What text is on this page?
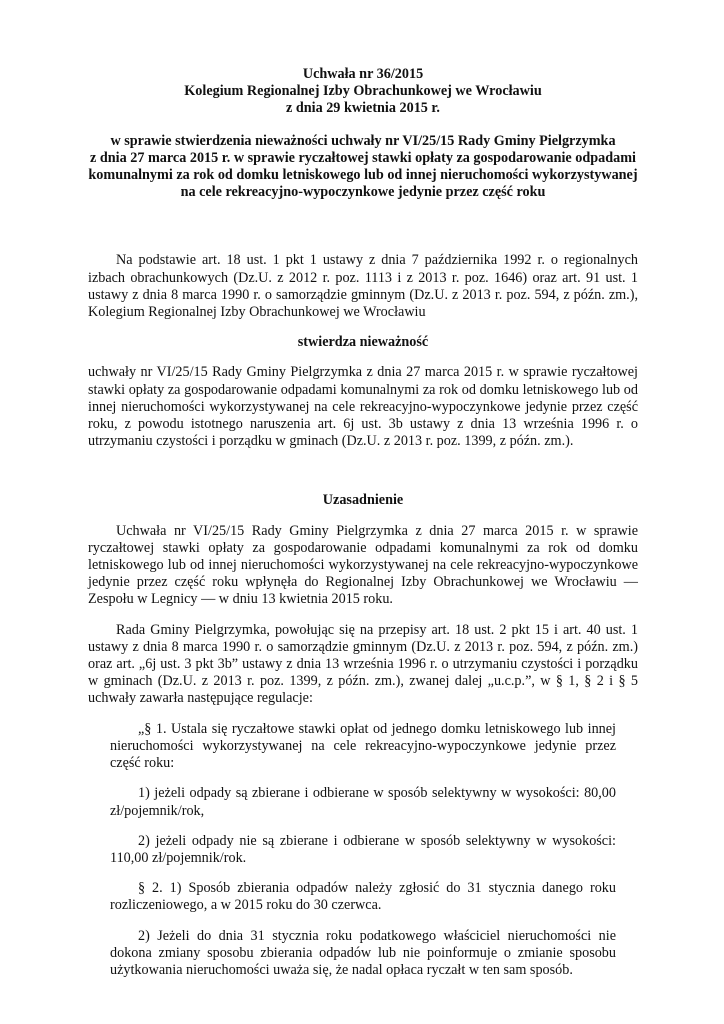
Uchwała nr 36/2015
Kolegium Regionalnej Izby Obrachunkowej we Wrocławiu
z dnia 29 kwietnia 2015 r.
w sprawie stwierdzenia nieważności uchwały nr VI/25/15 Rady Gminy Pielgrzymka
z dnia 27 marca 2015 r. w sprawie ryczałtowej stawki opłaty za gospodarowanie odpadami
komunalnymi za rok od domku letniskowego lub od innej nieruchomości wykorzystywanej
na cele rekreacyjno-wypoczynkowe jedynie przez część roku

Na podstawie art. 18 ust. 1 pkt 1 ustawy z dnia 7 października 1992 r. o regionalnych izbach obrachunkowych (Dz.U. z 2012 r. poz. 1113 i z 2013 r. poz. 1646) oraz art. 91 ust. 1 ustawy z dnia 8 marca 1990 r. o samorządzie gminnym (Dz.U. z 2013 r. poz. 594, z późn. zm.), Kolegium Regionalnej Izby Obrachunkowej we Wrocławiu

stwierdza nieważność

uchwały nr VI/25/15 Rady Gminy Pielgrzymka z dnia 27 marca 2015 r. w sprawie ryczałtowej stawki opłaty za gospodarowanie odpadami komunalnymi za rok od domku letniskowego lub od innej nieruchomości wykorzystywanej na cele rekreacyjno-wypoczynkowe jedynie przez część roku, z powodu istotnego naruszenia art. 6j ust. 3b ustawy z dnia 13 września 1996 r. o utrzymaniu czystości i porządku w gminach (Dz.U. z 2013 r. poz. 1399, z późn. zm.).

Uzasadnienie

Uchwała nr VI/25/15 Rady Gminy Pielgrzymka z dnia 27 marca 2015 r. w sprawie ryczałtowej stawki opłaty za gospodarowanie odpadami komunalnymi za rok od domku letniskowego lub od innej nieruchomości wykorzystywanej na cele rekreacyjno-wypoczynkowe jedynie przez część roku wpłynęła do Regionalnej Izby Obrachunkowej we Wrocławiu — Zespołu w Legnicy — w dniu 13 kwietnia 2015 roku.

Rada Gminy Pielgrzymka, powołując się na przepisy art. 18 ust. 2 pkt 15 i art. 40 ust. 1 ustawy z dnia 8 marca 1990 r. o samorządzie gminnym (Dz.U. z 2013 r. poz. 594, z późn. zm.) oraz art. „6j ust. 3 pkt 3b” ustawy z dnia 13 września 1996 r. o utrzymaniu czystości i porządku w gminach (Dz.U. z 2013 r. poz. 1399, z późn. zm.), zwanej dalej „u.c.p.”, w § 1, § 2 i § 5 uchwały zawarła następujące regulacje:

„§ 1. Ustala się ryczałtowe stawki opłat od jednego domku letniskowego lub innej nieruchomości wykorzystywanej na cele rekreacyjno-wypoczynkowe jedynie przez część roku:

1) jeżeli odpady są zbierane i odbierane w sposób selektywny w wysokości: 80,00 zł/pojemnik/rok,

2) jeżeli odpady nie są zbierane i odbierane w sposób selektywny w wysokości: 110,00 zł/pojemnik/rok.

§ 2. 1) Sposób zbierania odpadów należy zgłosić do 31 stycznia danego roku rozliczeniowego, a w 2015 roku do 30 czerwca.

2) Jeżeli do dnia 31 stycznia roku podatkowego właściciel nieruchomości nie dokona zmiany sposobu zbierania odpadów lub nie poinformuje o zmianie sposobu użytkowania nieruchomości uważa się, że nadal opłaca ryczałt w ten sam sposób.
